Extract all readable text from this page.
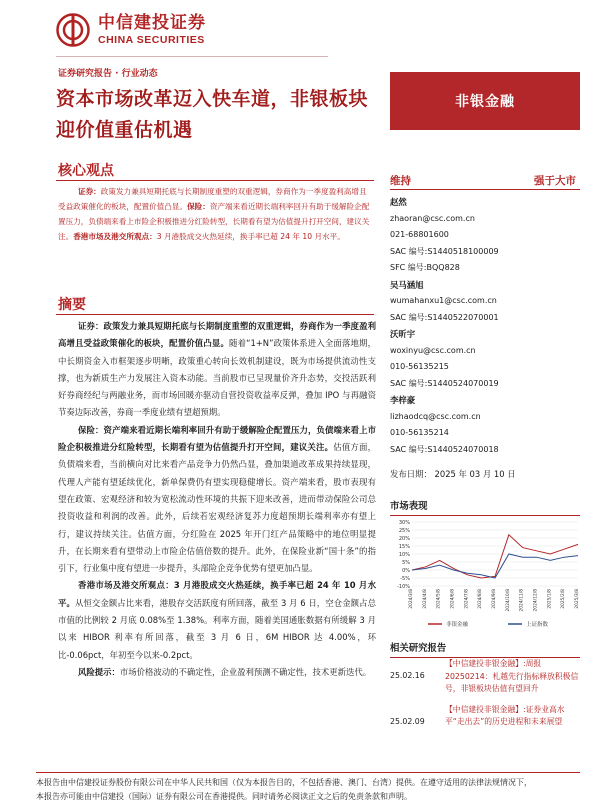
中信建投证券
CHINA SECURITIES
证券研究报告 · 行业动态
资本市场改革迈入快车道，非银板块迎价值重估机遇
非银金融
核心观点
证券：政策发力兼具短期托底与长期制度重塑的双重逻辑，券商作为一季度盈利高增且受益政策催化的板块，配置价值凸显。保险：资产端来看近期长端利率回升有助于缓解险企配置压力，负债端来看上市险企积极推进分红险转型，长期看有望为估值提升打开空间，建议关注。香港市场及港交所观点：3 月港股成交火热延续，换手率已超 24 年 10 月水平。
摘要

证券：政策发力兼具短期托底与长期制度重塑的双重逻辑，券商作为一季度盈利高增且受益政策催化的板块，配置价值凸显。随着“1+N”政策体系进入全面落地期，中长期资金入市框架逐步明晰，政策重心转向长效机制建设，既为市场提供流动性支撑，也为新质生产力发展注入资本动能。当前股市已呈现量价齐升态势，交投活跃利好券商经纪与两融业务，而市场回暖亦驱动自营投资收益率反弹，叠加 IPO 与再融资节奏边际改善，券商一季度业绩有望超预期。

保险：资产端来看近期长端利率回升有助于缓解险企配置压力，负债端来看上市险企积极推进分红险转型，长期看有望为估值提升打开空间，建议关注。估值方面，负债端来看，当前横向对比来看产品竞争力仍然凸显，叠加渠道改革成果持续显现，代理人产能有望延续优化，新单保费仍有望实现稳健增长。资产端来看，股市表现有望在政策、宏观经济和较为宽松流动性环境的共振下迎来改善，进而带动保险公司总投资收益和利润的改善。此外，后续若宏观经济复苏力度超预期长端利率亦有望上行，建议持续关注。估值方面，分红险在 2025 年开门红产品策略中的地位明显提升，在长期来看有望带动上市险企估值倍数的提升。此外，在保险业新“国十条”的指引下，行业集中度有望进一步提升，头部险企竞争优势有望更加凸显。

香港市场及港交所观点：3 月港股成交火热延续，换手率已超 24 年 10 月水平。从恒交金额占比来看，港股存交活跃度有所回落，截至 3 月 6 日，空仓金额占总市值的比例较 2 月底 0.08%至 1.38%。利率方面，随着美国通胀数据有所缓解 3 月以来 HIBOR 利率有所回落，截至 3 月 6 日，6M HIBOR 达 4.00%，环比-0.06pct，年初至今以来-0.2pct。

风险提示：市场价格波动的不确定性，企业盈利预测不确定性，技术更新迭代。

维持	强于大市
赵然
zhaoran@csc.com.cn
021-68801600
SAC 编号:S1440518100009
SFC 编号:BQQ828
吴马涵旭
wumahanxu1@csc.com.cn
SAC 编号:S1440522070001
沃昕宇
woxinyu@csc.com.cn
010-56135215
SAC 编号:S1440524070019
李梓豪
lizhaodcq@csc.com.cn
010-56135214
SAC 编号:S1440524070018
发布日期： 2025 年 03 月 10 日
市场表现
30%
25%
20%
15%
10%
5%
0%
-5%
-10%
2024/3/8 2024/4/8 2024/5/8 2024/6/8 2024/7/8 2024/8/8 2024/9/8 2024/10/8 2024/11/8 2024/12/8 2025/1/8 2025/2/8 2025/3/8
非银金融	上证指数
相关研究报告
25.02.16
【中信建投非银金融】:周报 20250214：札越先行指标释放积极信号，非银板块估值有望回升
25.02.09
【中信建投非银金融】:证券业高水平“走出去”的历史进程和未来展望
本报告由中信建投证券股份有限公司在中华人民共和国（仅为本报告目的，不包括香港、澳门、台湾）提供。在遵守适用的法律法规情况下，
本报告亦可能由中信建投（国际）证券有限公司在香港提供。同时请务必阅读正文之后的免责条款和声明。
